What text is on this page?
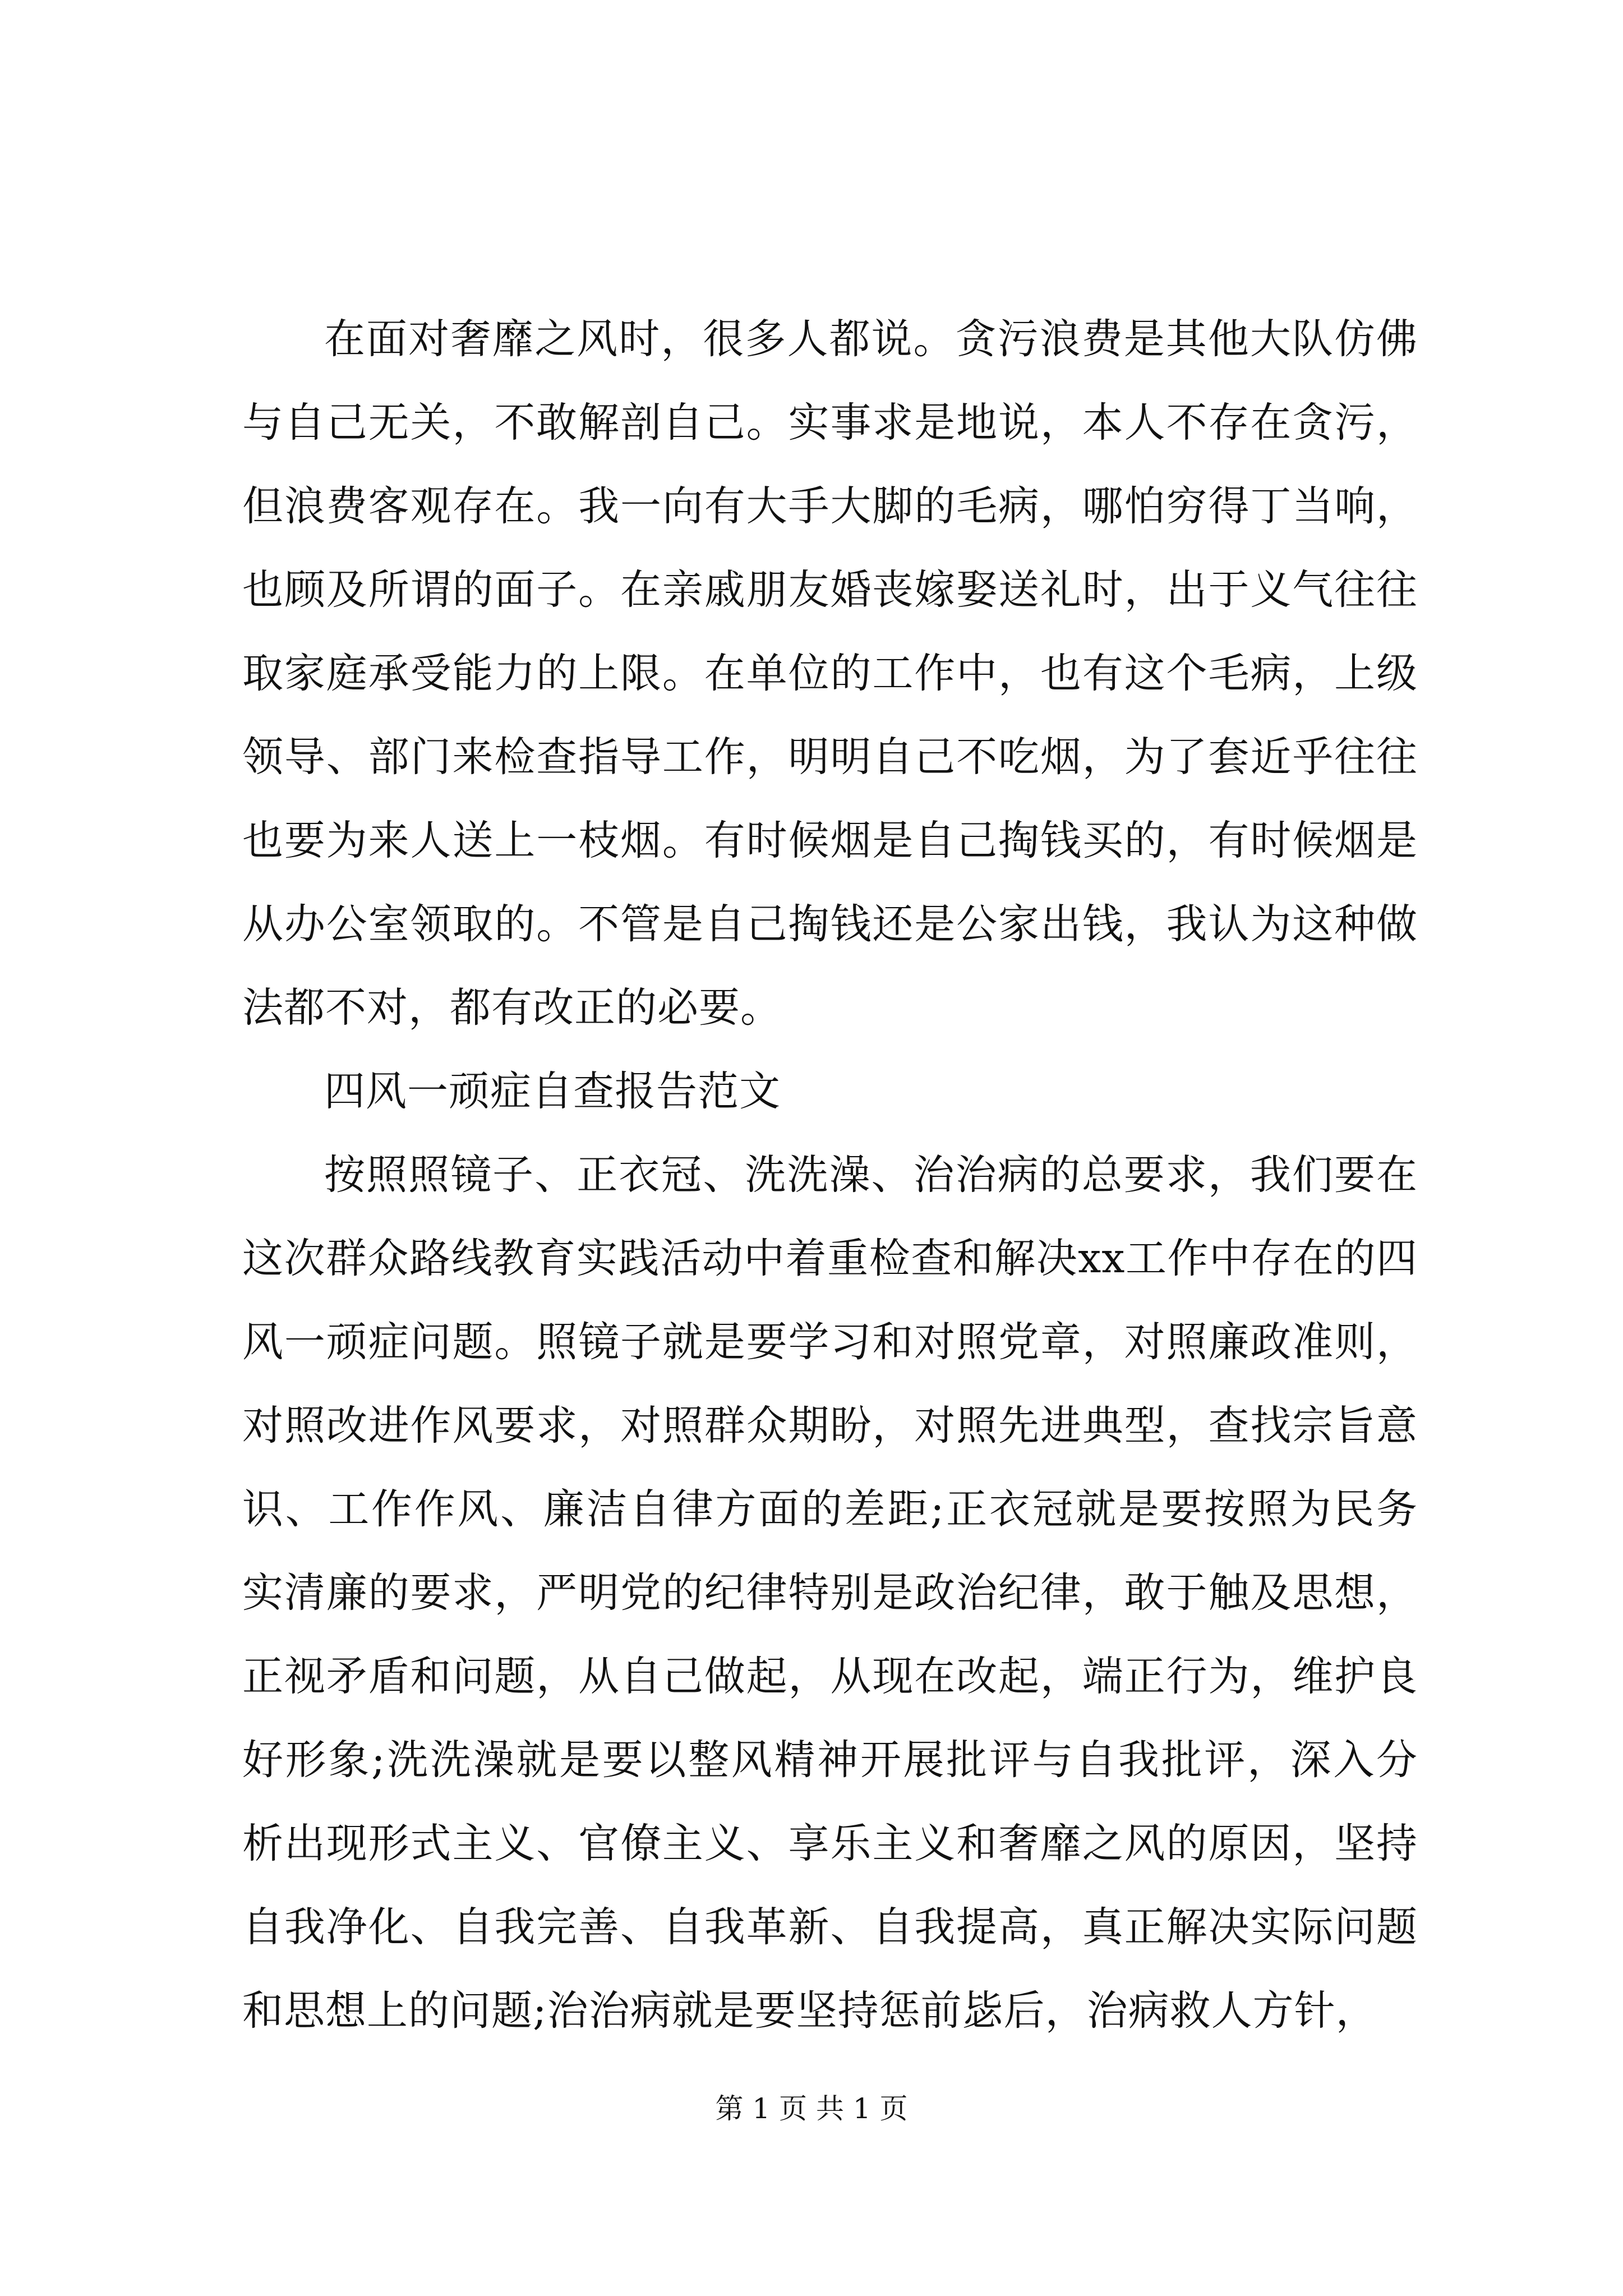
在面对奢靡之风时，很多人都说。贪污浪费是其他大队仿佛与自己无关，不敢解剖自己。实事求是地说，本人不存在贪污，但浪费客观存在。我一向有大手大脚的毛病，哪怕穷得丁当响，也顾及所谓的面子。在亲戚朋友婚丧嫁娶送礼时，出于义气往往取家庭承受能力的上限。在单位的工作中，也有这个毛病，上级领导、部门来检查指导工作，明明自己不吃烟，为了套近乎往往也要为来人送上一枝烟。有时候烟是自己掏钱买的，有时候烟是从办公室领取的。不管是自己掏钱还是公家出钱，我认为这种做法都不对，都有改正的必要。

四风一顽症自查报告范文

按照照镜子、正衣冠、洗洗澡、治治病的总要求，我们要在这次群众路线教育实践活动中着重检查和解决xx工作中存在的四风一顽症问题。照镜子就是要学习和对照党章，对照廉政准则，对照改进作风要求，对照群众期盼，对照先进典型，查找宗旨意识、工作作风、廉洁自律方面的差距;正衣冠就是要按照为民务实清廉的要求，严明党的纪律特别是政治纪律，敢于触及思想，正视矛盾和问题，从自己做起，从现在改起，端正行为，维护良好形象;洗洗澡就是要以整风精神开展批评与自我批评，深入分析出现形式主义、官僚主义、享乐主义和奢靡之风的原因，坚持自我净化、自我完善、自我革新、自我提高，真正解决实际问题和思想上的问题;治治病就是要坚持惩前毖后，治病救人方针，

第 1 页 共 1 页
